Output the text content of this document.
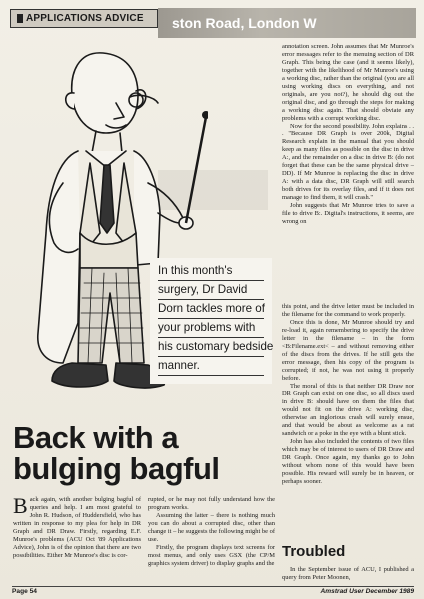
ston Road, London W
APPLICATIONS ADVICE
In this month's
surgery, Dr David
Dorn tackles more of
your problems with
his customary bedside
manner.
Back with a
bulging bagful

Back again, with another bulging bagful of queries and help. I am most grateful to John R. Hudson, of Huddersfield, who has written in response to my plea for help in DR Graph and DR Draw. Firstly, regarding E.F. Munroe's problems (ACU Oct '89 Applications Advice), John is of the opinion that there are two possibilities. Either Mr Munroe's disc is cor-

rupted, or he may not fully understand how the program works.

Assuming the latter – there is nothing much you can do about a corrupted disc, other than change it – he suggests the following might be of use.

Firstly, the program displays text screens for most menus, and only uses GSX (the CP/M graphics system driver) to display graphs and the

annotation screen. John assumes that Mr Munroe's error messages refer to the menuing section of DR Graph. This being the case (and it seems likely), together with the likelihood of Mr Munroe's using a working disc, rather than the original (you are all using working discs on everything, and not originals, are you not?), he should dig out the original disc, and go through the steps for making a working disc again. That should obviate any problems with a corrupt working disc.

Now for the second possibility. John explains . . . "Because DR Graph is over 200k, Digital Research explain in the manual that you should keep as many files as possible on the disc in drive A:, and the remainder on a disc in drive B: (do not forget that these can be the same physical drive – DD). If Mr Munroe is replacing the disc in drive A: with a data disc, DR Graph will still search both drives for its overlay files, and if it does not manage to find them, it will crash."

John suggests that Mr Munroe tries to save a file to drive B:. Digital's instructions, it seems, are wrong on

this point, and the drive letter must be included in the filename for the command to work properly.

Once this is done, Mr Munroe should try and re-load it, again remembering to specify the drive letter in the filename – in the form <B:Filename.ext< – and without removing either of the discs from the drives. If he still gets the error message, then his copy of the program is corrupted; if not, he was not using it properly before.

The moral of this is that neither DR Draw nor DR Graph can exist on one disc, so all discs used in drive B: should have on them the files that would not fit on the drive A: working disc, otherwise an inglorious crash will surely ensue, and that would be about as welcome as a rat sandwich or a poke in the eye with a blunt stick.

John has also included the contents of two files which may be of interest to users of DR Draw and DR Graph. Once again, my thanks go to John without whom none of this would have been possible. His reward will surely be in heaven, or perhaps sooner.

Troubled

In the September issue of ACU, I published a query from Peter Moonen,

Page 54	Amstrad User December 1989
